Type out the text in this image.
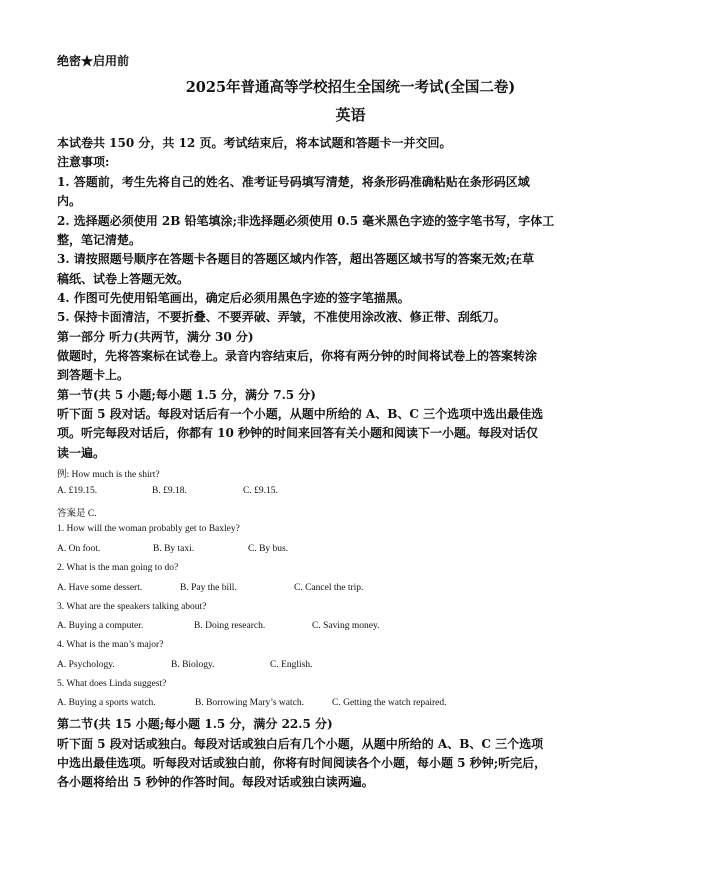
绝密★启用前
2025年普通高等学校招生全国统一考试(全国二卷)
英语
本试卷共 150 分，共 12 页。考试结束后，将本试题和答题卡一并交回。
注意事项:
1. 答题前，考生先将自己的姓名、准考证号码填写清楚，将条形码准确粘贴在条形码区域
内。
2. 选择题必须使用 2B 铅笔填涂;非选择题必须使用 0.5 毫米黑色字迹的签字笔书写，字体工
整，笔记清楚。
3. 请按照题号顺序在答题卡各题目的答题区域内作答，超出答题区域书写的答案无效;在草
稿纸、试卷上答题无效。
4. 作图可先使用铅笔画出，确定后必须用黑色字迹的签字笔描黑。
5. 保持卡面清洁，不要折叠、不要弄破、弄皱，不准使用涂改液、修正带、刮纸刀。
第一部分 听力(共两节，满分 30 分)
做题时，先将答案标在试卷上。录音内容结束后，你将有两分钟的时间将试卷上的答案转涂
到答题卡上。
第一节(共 5 小题;每小题 1.5 分，满分 7.5 分)
听下面 5 段对话。每段对话后有一个小题，从题中所给的 A、B、C 三个选项中选出最佳选
项。听完每段对话后，你都有 10 秒钟的时间来回答有关小题和阅读下一小题。每段对话仅
读一遍。
例: How much is the shirt?
A. £19.15.	B. £9.18.	C. £9.15.
答案是 C.
1. How will the woman probably get to Baxley?
A. On foot.	B. By taxi.	C. By bus.
2. What is the man going to do?
A. Have some dessert.	B. Pay the bill.	C. Cancel the trip.
3. What are the speakers talking about?
A. Buying a computer.	B. Doing research.	C. Saving money.
4. What is the man’s major?
A. Psychology.	B. Biology.	C. English.
5. What does Linda suggest?
A. Buying a sports watch.	B. Borrowing Mary’s watch.	C. Getting the watch repaired.
第二节(共 15 小题;每小题 1.5 分，满分 22.5 分)
听下面 5 段对话或独白。每段对话或独白后有几个小题，从题中所给的 A、B、C 三个选项
中选出最佳选项。听每段对话或独白前，你将有时间阅读各个小题，每小题 5 秒钟;听完后，
各小题将给出 5 秒钟的作答时间。每段对话或独白读两遍。
